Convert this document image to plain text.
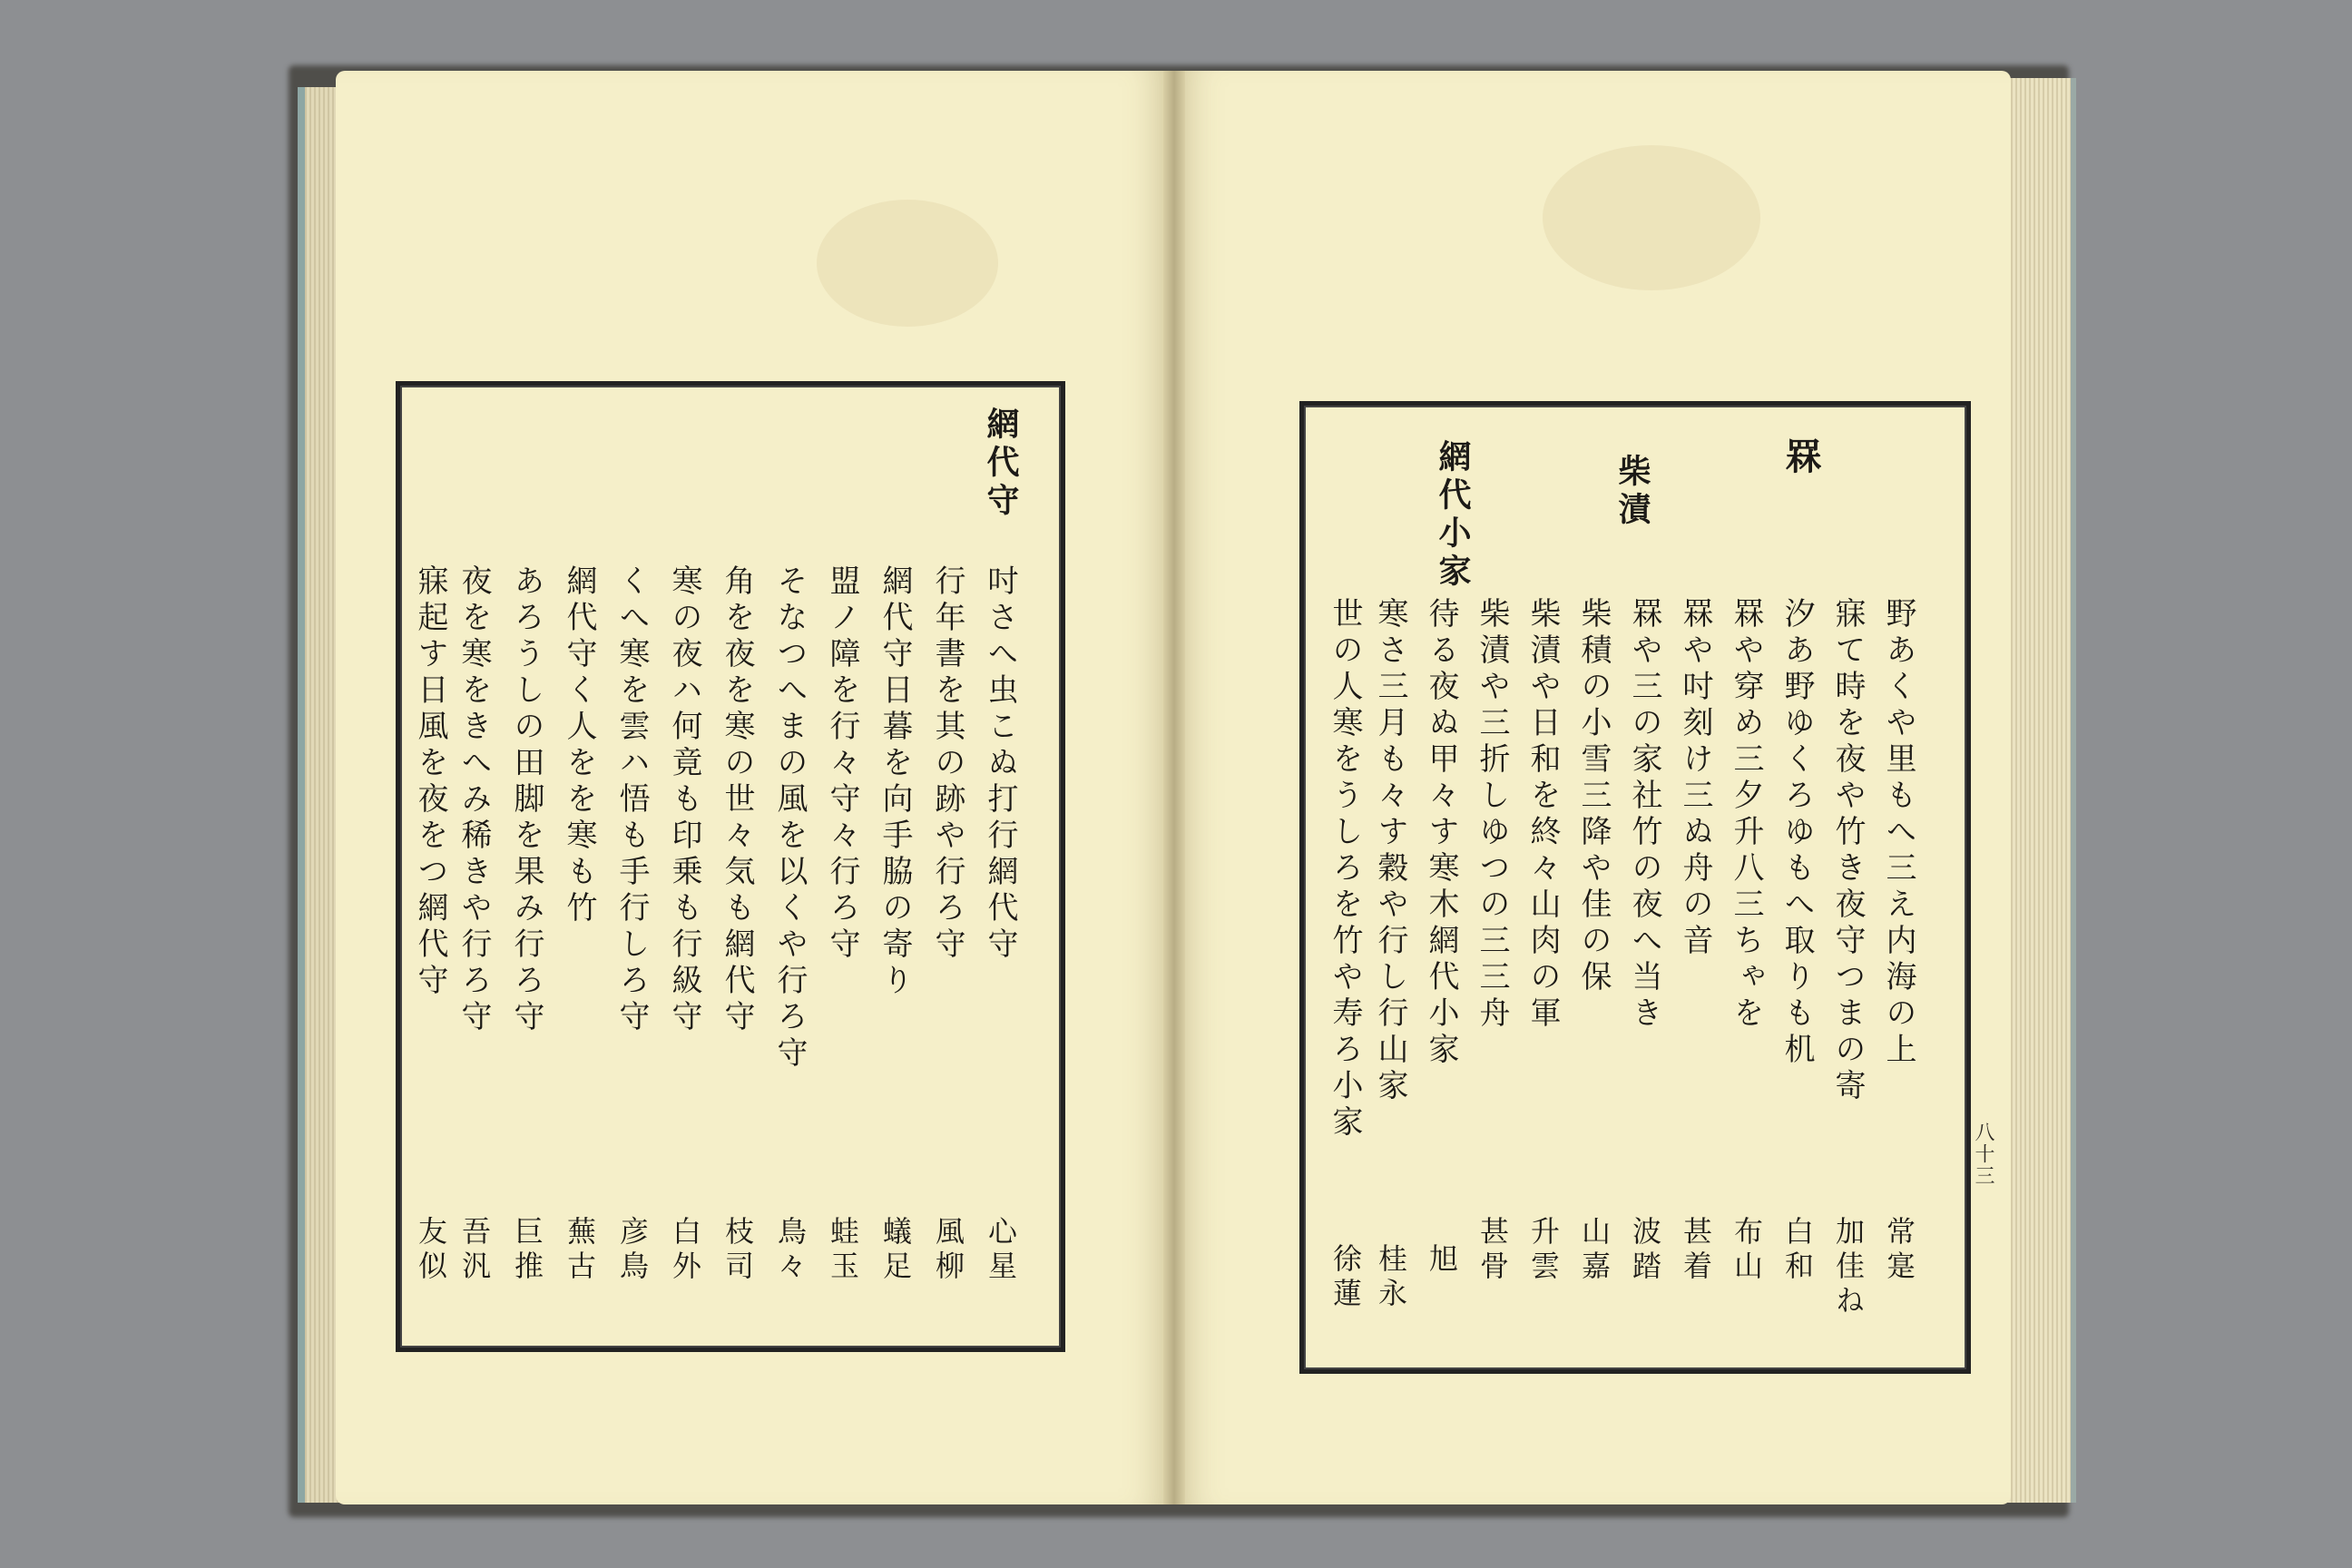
網代守
吋さへ虫こぬ打行網代守
行年書を其の跡や行ろ守
網代守日暮を向手脇の寄り
盟ノ障を行々守々行ろ守
そなつへまの風を以くや行ろ守
角を夜を寒の世々気も網代守
寒の夜ハ何竟も印乗も行級守
くへ寒を雲ハ悟も手行しろ守
網代守く人をを寒も竹
あろうしの田脚を果み行ろ守
夜を寒をきへみ稀きや行ろ守
寐起す日風を夜をつ網代守
心星
風柳
蟻足
蛙玉
鳥々
枝司
白外
彦鳥
蕪古
巨推
吾汎
友似
罧
柴漬
網代小家
野あくや里もへ三え内海の上
寐て時を夜や竹き夜守つまの寄
汐あ野ゆくろゆもへ取りも机
罧や穿め三夕升八三ちゃを
罧や吋刻け三ぬ舟の音
罧や三の家社竹の夜へ当き
柴積の小雪三降や佳の保
柴漬や日和を終々山肉の軍
柴漬や三折しゆつの三三舟
待る夜ぬ甲々す寒木網代小家
寒さ三月も々す穀や行し行山家
世の人寒をうしろを竹や寿ろ小家
常寔
加佳ね
白和
布山
甚着
波踏
山嘉
升雲
甚骨
旭
桂永
徐蓮
八十三
